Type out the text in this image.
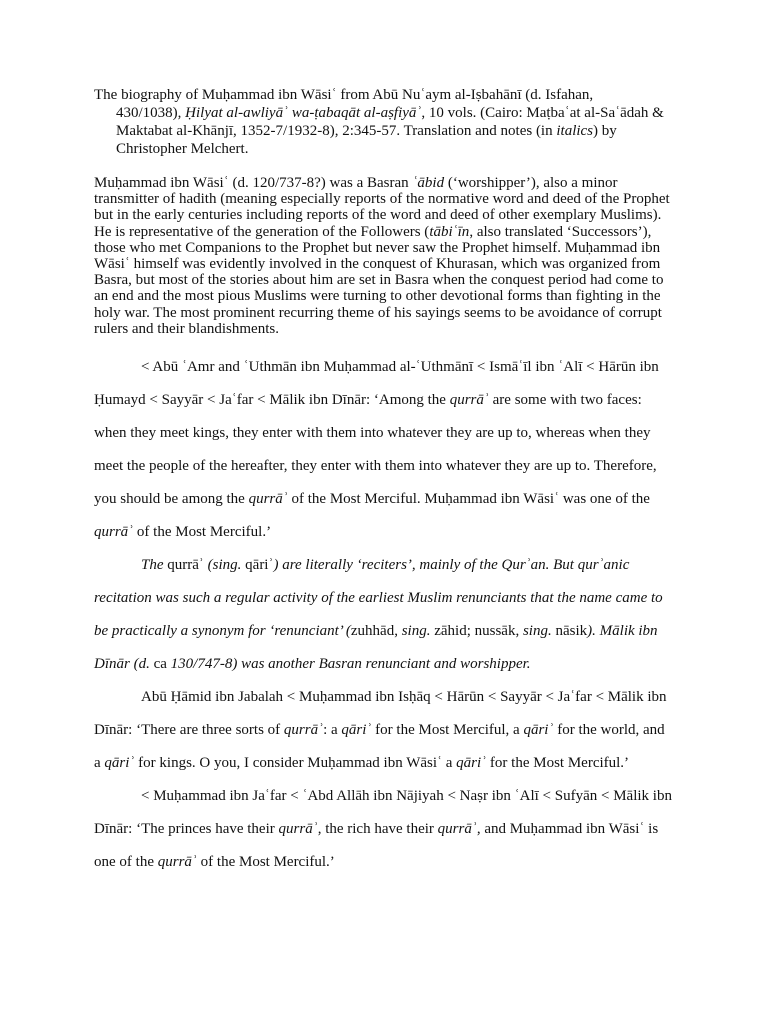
The biography of Muḥammad ibn Wāsiʿ from Abū Nuʿaym al-Iṣbahānī (d. Isfahan,
430/1038), Ḥilyat al-awliyāʾ wa-ṭabaqāt al-aṣfiyāʾ, 10 vols. (Cairo: Maṭbaʿat al-Saʿādah & Maktabat al-Khānjī, 1352-7/1932-8), 2:345-57. Translation and notes (in italics) by Christopher Melchert.

Muḥammad ibn Wāsiʿ (d. 120/737-8?) was a Basran ʿābid (‘worshipper’), also a minor transmitter of hadith (meaning especially reports of the normative word and deed of the Prophet but in the early centuries including reports of the word and deed of other exemplary Muslims). He is representative of the generation of the Followers (tābiʿīn, also translated ‘Successors’), those who met Companions to the Prophet but never saw the Prophet himself. Muḥammad ibn Wāsiʿ himself was evidently involved in the conquest of Khurasan, which was organized from Basra, but most of the stories about him are set in Basra when the conquest period had come to an end and the most pious Muslims were turning to other devotional forms than fighting in the holy war. The most prominent recurring theme of his sayings seems to be avoidance of corrupt rulers and their blandishments.

< Abū ʿAmr and ʿUthmān ibn Muḥammad al-ʿUthmānī < Ismāʿīl ibn ʿAlī < Hārūn ibn Ḥumayd < Sayyār < Jaʿfar < Mālik ibn Dīnār: ‘Among the qurrāʾ are some with two faces: when they meet kings, they enter with them into whatever they are up to, whereas when they meet the people of the hereafter, they enter with them into whatever they are up to. Therefore, you should be among the qurrāʾ of the Most Merciful. Muḥammad ibn Wāsiʿ was one of the qurrāʾ of the Most Merciful.’

The qurrāʾ (sing. qāriʾ) are literally ‘reciters’, mainly of the Qurʾan. But qurʾanic recitation was such a regular activity of the earliest Muslim renunciants that the name came to be practically a synonym for ‘renunciant’ (zuhhād, sing. zāhid; nussāk, sing. nāsik). Mālik ibn Dīnār (d. ca 130/747-8) was another Basran renunciant and worshipper.

Abū Ḥāmid ibn Jabalah < Muḥammad ibn Isḥāq < Hārūn < Sayyār < Jaʿfar < Mālik ibn Dīnār: ‘There are three sorts of qurrāʾ: a qāriʾ for the Most Merciful, a qāriʾ for the world, and a qāriʾ for kings. O you, I consider Muḥammad ibn Wāsiʿ a qāriʾ for the Most Merciful.’

< Muḥammad ibn Jaʿfar < ʿAbd Allāh ibn Nājiyah < Naṣr ibn ʿAlī < Sufyān < Mālik ibn Dīnār: ‘The princes have their qurrāʾ, the rich have their qurrāʾ, and Muḥammad ibn Wāsiʿ is one of the qurrāʾ of the Most Merciful.’
